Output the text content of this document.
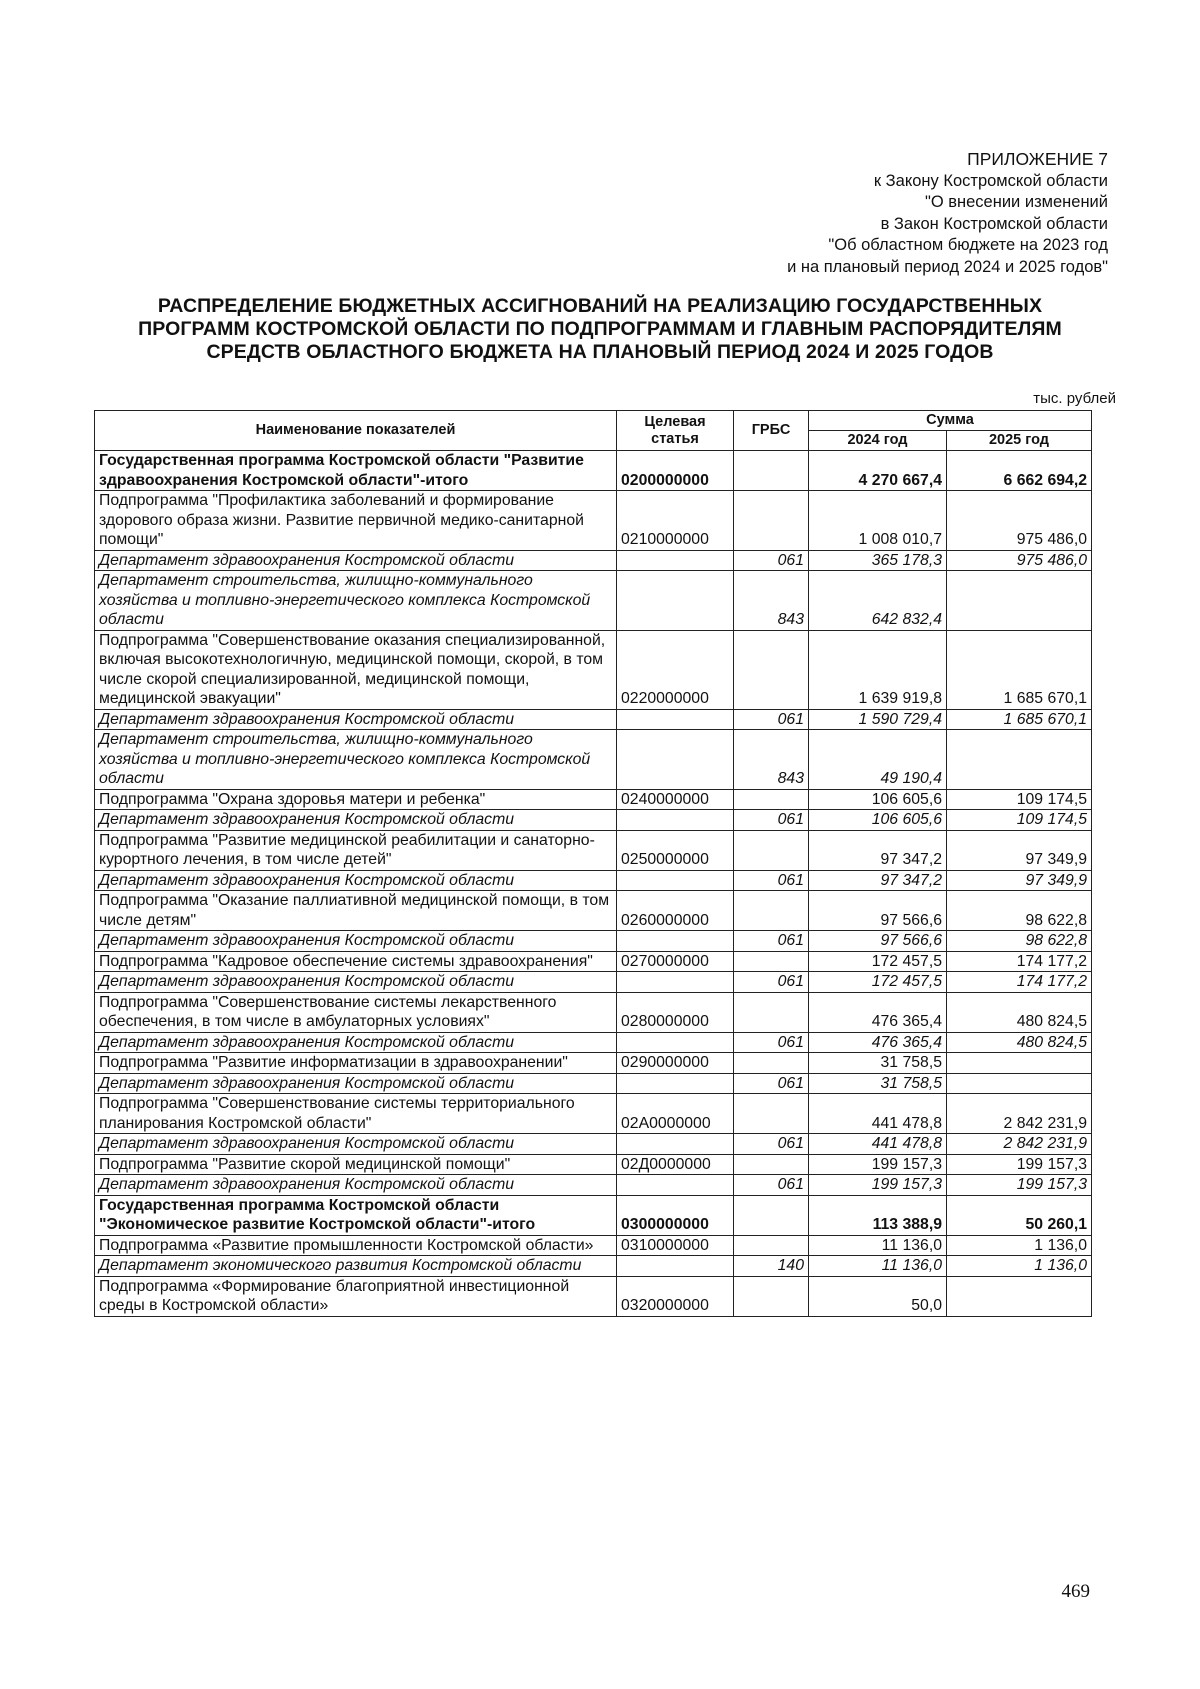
ПРИЛОЖЕНИЕ 7
к Закону Костромской области
"О внесении изменений
в Закон Костромской области
"Об областном бюджете на 2023 год
и на плановый период 2024 и 2025 годов"
РАСПРЕДЕЛЕНИЕ БЮДЖЕТНЫХ АССИГНОВАНИЙ НА РЕАЛИЗАЦИЮ ГОСУДАРСТВЕННЫХ
ПРОГРАММ КОСТРОМСКОЙ ОБЛАСТИ ПО ПОДПРОГРАММАМ И ГЛАВНЫМ РАСПОРЯДИТЕЛЯМ
СРЕДСТВ ОБЛАСТНОГО БЮДЖЕТА НА ПЛАНОВЫЙ ПЕРИОД 2024 И 2025 ГОДОВ
тыс. рублей
Наименование показателей	Целевая статья	ГРБС	Сумма	
			2024 год	2025 год
Государственная программа Костромской области "Развитие здравоохранения Костромской области"-итого	0200000000		4 270 667,4	6 662 694,2
Подпрограмма "Профилактика заболеваний и формирование здорового образа жизни. Развитие первичной медико-санитарной помощи"	0210000000		1 008 010,7	975 486,0
Департамент здравоохранения Костромской области		061	365 178,3	975 486,0
Департамент строительства, жилищно-коммунального хозяйства и топливно-энергетического комплекса Костромской области		843	642 832,4	
Подпрограмма "Совершенствование оказания специализированной, включая высокотехнологичную, медицинской помощи, скорой, в том числе скорой специализированной, медицинской помощи, медицинской эвакуации"	0220000000		1 639 919,8	1 685 670,1
Департамент здравоохранения Костромской области		061	1 590 729,4	1 685 670,1
Департамент строительства, жилищно-коммунального хозяйства и топливно-энергетического комплекса Костромской области		843	49 190,4	
Подпрограмма "Охрана здоровья матери и ребенка"	0240000000		106 605,6	109 174,5
Департамент здравоохранения Костромской области		061	106 605,6	109 174,5
Подпрограмма "Развитие медицинской реабилитации и санаторно-курортного лечения, в том числе детей"	0250000000		97 347,2	97 349,9
Департамент здравоохранения Костромской области		061	97 347,2	97 349,9
Подпрограмма "Оказание паллиативной медицинской помощи, в том числе детям"	0260000000		97 566,6	98 622,8
Департамент здравоохранения Костромской области		061	97 566,6	98 622,8
Подпрограмма "Кадровое обеспечение системы здравоохранения"	0270000000		172 457,5	174 177,2
Департамент здравоохранения Костромской области		061	172 457,5	174 177,2
Подпрограмма "Совершенствование системы лекарственного обеспечения, в том числе в амбулаторных условиях"	0280000000		476 365,4	480 824,5
Департамент здравоохранения Костромской области		061	476 365,4	480 824,5
Подпрограмма "Развитие информатизации в здравоохранении"	0290000000		31 758,5	
Департамент здравоохранения Костромской области		061	31 758,5	
Подпрограмма "Совершенствование системы территориального планирования Костромской области"	02А0000000		441 478,8	2 842 231,9
Департамент здравоохранения Костромской области		061	441 478,8	2 842 231,9
Подпрограмма "Развитие скорой медицинской помощи"	02Д0000000		199 157,3	199 157,3
Департамент здравоохранения Костромской области		061	199 157,3	199 157,3
Государственная программа Костромской области "Экономическое развитие Костромской области"-итого	0300000000		113 388,9	50 260,1
Подпрограмма «Развитие промышленности Костромской области»	0310000000		11 136,0	1 136,0
Департамент экономического развития Костромской области		140	11 136,0	1 136,0
Подпрограмма «Формирование благоприятной инвестиционной среды в Костромской области»	0320000000		50,0	
469
